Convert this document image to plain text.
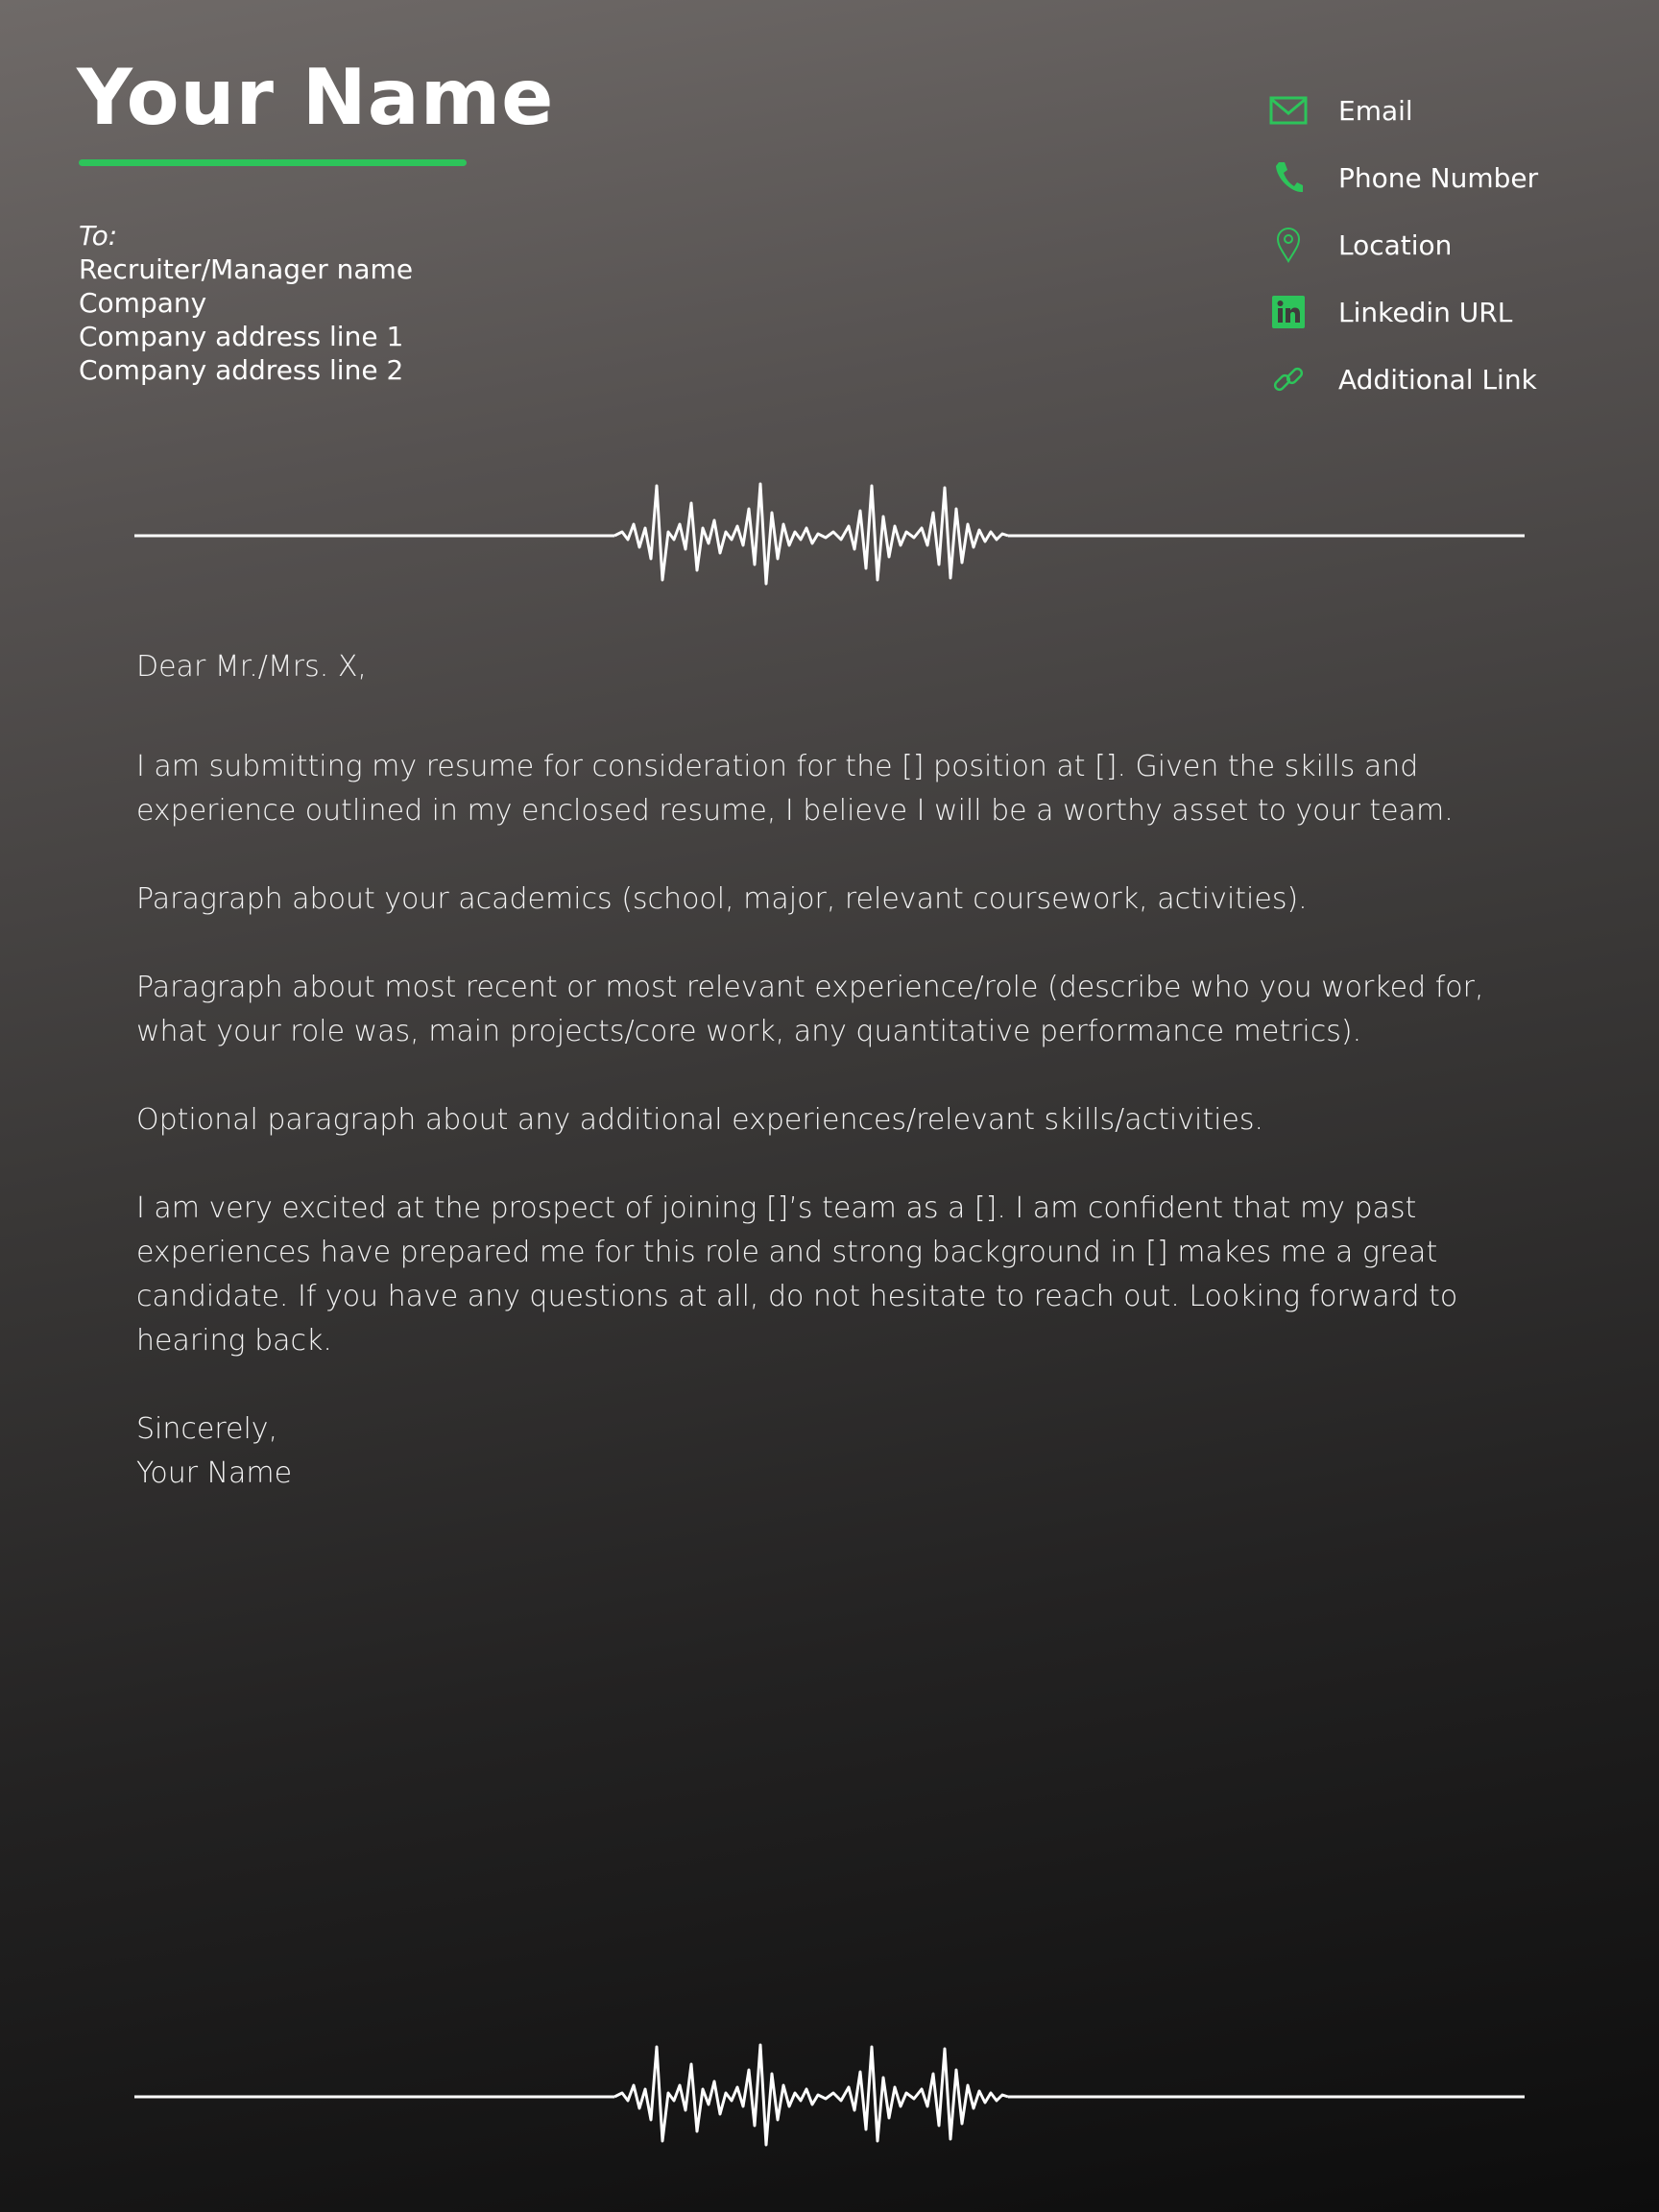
Your Name
To:
Recruiter/Manager name
Company
Company address line 1
Company address line 2
Email
Phone Number
Location
Linkedin URL
Additional Link

Dear Mr./Mrs. X,

I am submitting my resume for consideration for the [] position at []. Given the skills and experience outlined in my enclosed resume, I believe I will be a worthy asset to your team.

Paragraph about your academics (school, major, relevant coursework, activities).

Paragraph about most recent or most relevant experience/role (describe who you worked for, what your role was, main projects/core work, any quantitative performance metrics).

Optional paragraph about any additional experiences/relevant skills/activities.

I am very excited at the prospect of joining []’s team as a []. I am confident that my past experiences have prepared me for this role and strong background in [] makes me a great candidate. If you have any questions at all, do not hesitate to reach out. Looking forward to hearing back.

Sincerely,

Your Name
